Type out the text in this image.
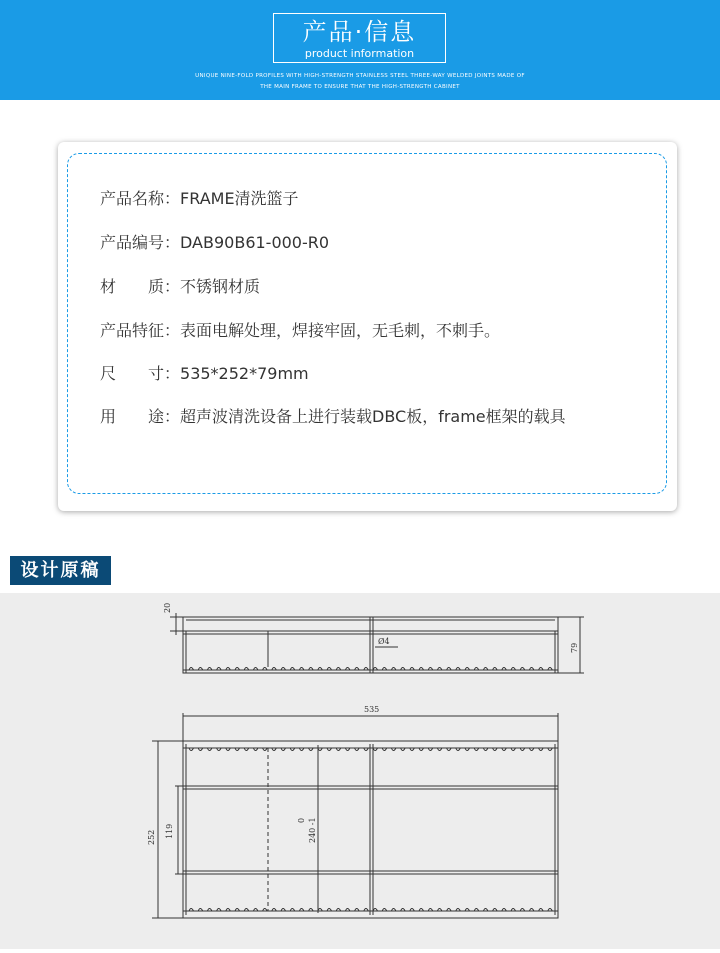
产品·信息
product information
UNIQUE NINE-FOLD PROFILES WITH HIGH-STRENGTH STAINLESS STEEL THREE-WAY WELDED JOINTS MADE OF
THE MAIN FRAME TO ENSURE THAT THE HIGH-STRENGTH CABINET
产品名称：FRAME清洗篮子
产品编号：DAB90B61-000-R0
材　　质：不锈钢材质
产品特征：表面电解处理，焊接牢固，无毛刺，不刺手。
尺　　寸：535*252*79mm
用　　途：超声波清洗设备上进行装载DBC板，frame框架的载具
设计原稿
20
79
Ø4
535
252 119
0 240 -1
